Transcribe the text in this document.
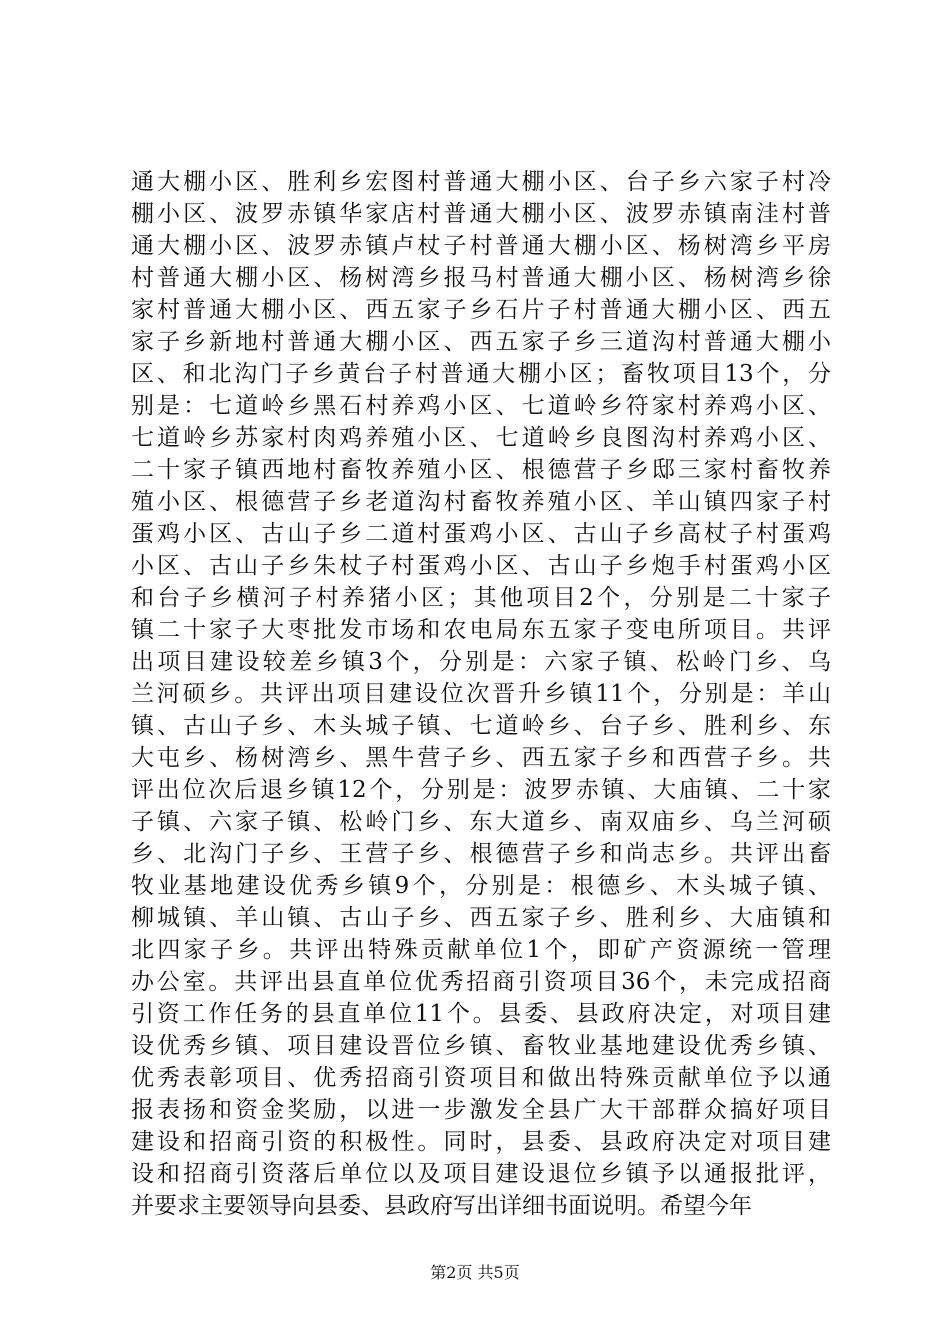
通大棚小区、胜利乡宏图村普通大棚小区、台子乡六家子村冷
棚小区、波罗赤镇华家店村普通大棚小区、波罗赤镇南洼村普
通大棚小区、波罗赤镇卢杖子村普通大棚小区、杨树湾乡平房
村普通大棚小区、杨树湾乡报马村普通大棚小区、杨树湾乡徐
家村普通大棚小区、西五家子乡石片子村普通大棚小区、西五
家子乡新地村普通大棚小区、西五家子乡三道沟村普通大棚小
区、和北沟门子乡黄台子村普通大棚小区；畜牧项目13个，分
别是：七道岭乡黑石村养鸡小区、七道岭乡符家村养鸡小区、
七道岭乡苏家村肉鸡养殖小区、七道岭乡良图沟村养鸡小区、
二十家子镇西地村畜牧养殖小区、根德营子乡邸三家村畜牧养
殖小区、根德营子乡老道沟村畜牧养殖小区、羊山镇四家子村
蛋鸡小区、古山子乡二道村蛋鸡小区、古山子乡高杖子村蛋鸡
小区、古山子乡朱杖子村蛋鸡小区、古山子乡炮手村蛋鸡小区
和台子乡横河子村养猪小区；其他项目2个，分别是二十家子
镇二十家子大枣批发市场和农电局东五家子变电所项目。共评
出项目建设较差乡镇3个，分别是：六家子镇、松岭门乡、乌
兰河硕乡。共评出项目建设位次晋升乡镇11个，分别是：羊山
镇、古山子乡、木头城子镇、七道岭乡、台子乡、胜利乡、东
大屯乡、杨树湾乡、黑牛营子乡、西五家子乡和西营子乡。共
评出位次后退乡镇12个，分别是：波罗赤镇、大庙镇、二十家
子镇、六家子镇、松岭门乡、东大道乡、南双庙乡、乌兰河硕
乡、北沟门子乡、王营子乡、根德营子乡和尚志乡。共评出畜
牧业基地建设优秀乡镇9个，分别是：根德乡、木头城子镇、
柳城镇、羊山镇、古山子乡、西五家子乡、胜利乡、大庙镇和
北四家子乡。共评出特殊贡献单位1个，即矿产资源统一管理
办公室。共评出县直单位优秀招商引资项目36个，未完成招商
引资工作任务的县直单位11个。县委、县政府决定，对项目建
设优秀乡镇、项目建设晋位乡镇、畜牧业基地建设优秀乡镇、
优秀表彰项目、优秀招商引资项目和做出特殊贡献单位予以通
报表扬和资金奖励，以进一步激发全县广大干部群众搞好项目
建设和招商引资的积极性。同时，县委、县政府决定对项目建
设和招商引资落后单位以及项目建设退位乡镇予以通报批评，
并要求主要领导向县委、县政府写出详细书面说明。希望今年
第2页 共5页
